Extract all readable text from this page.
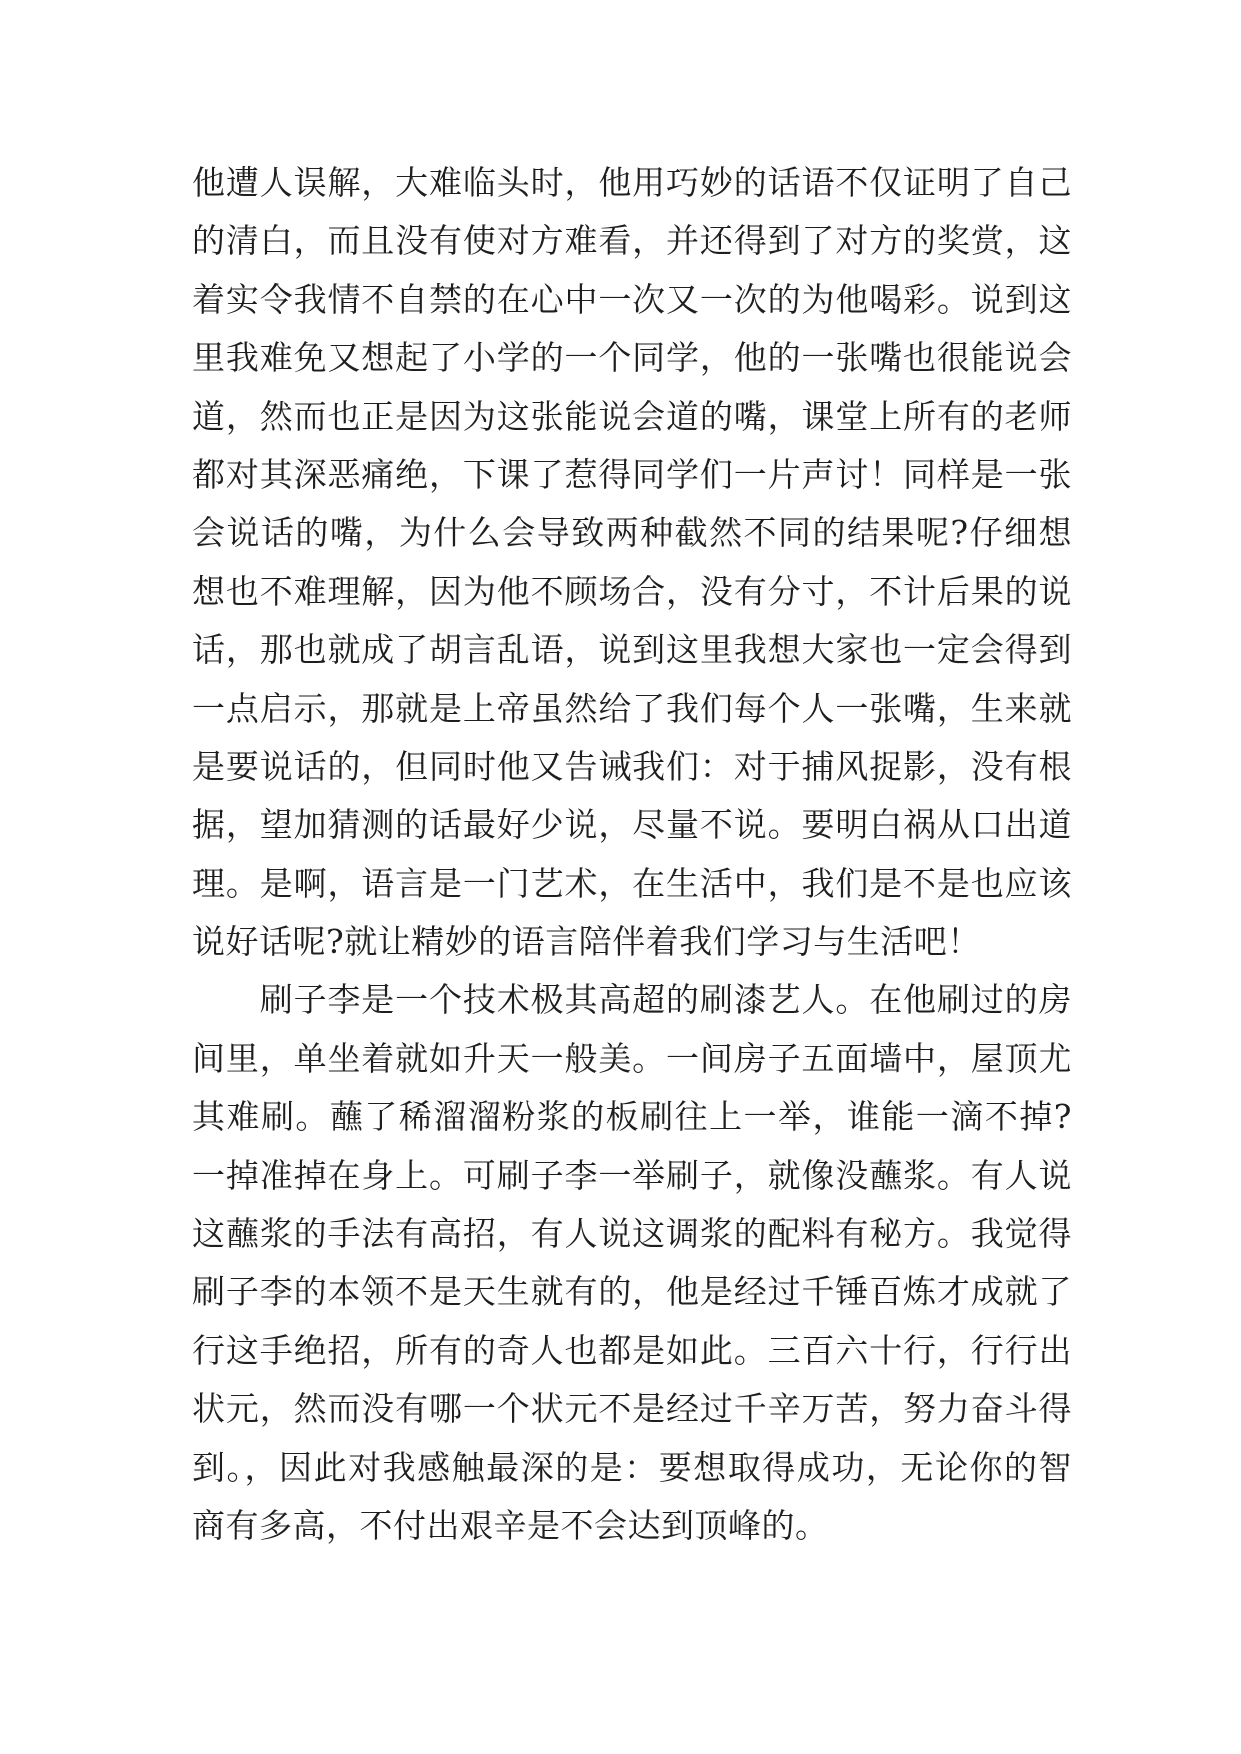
他遭人误解，大难临头时，他用巧妙的话语不仅证明了自己
的清白，而且没有使对方难看，并还得到了对方的奖赏，这
着实令我情不自禁的在心中一次又一次的为他喝彩。说到这
里我难免又想起了小学的一个同学，他的一张嘴也很能说会
道，然而也正是因为这张能说会道的嘴，课堂上所有的老师
都对其深恶痛绝，下课了惹得同学们一片声讨！同样是一张
会说话的嘴，为什么会导致两种截然不同的结果呢?仔细想
想也不难理解，因为他不顾场合，没有分寸，不计后果的说
话，那也就成了胡言乱语，说到这里我想大家也一定会得到
一点启示，那就是上帝虽然给了我们每个人一张嘴，生来就
是要说话的，但同时他又告诫我们：对于捕风捉影，没有根
据，望加猜测的话最好少说，尽量不说。要明白祸从口出道
理。是啊，语言是一门艺术，在生活中，我们是不是也应该
说好话呢?就让精妙的语言陪伴着我们学习与生活吧！
　　刷子李是一个技术极其高超的刷漆艺人。在他刷过的房
间里，单坐着就如升天一般美。一间房子五面墙中，屋顶尤
其难刷。蘸了稀溜溜粉浆的板刷往上一举，谁能一滴不掉?
一掉准掉在身上。可刷子李一举刷子，就像没蘸浆。有人说
这蘸浆的手法有高招，有人说这调浆的配料有秘方。我觉得
刷子李的本领不是天生就有的，他是经过千锤百炼才成就了
行这手绝招，所有的奇人也都是如此。三百六十行，行行出
状元，然而没有哪一个状元不是经过千辛万苦，努力奋斗得
到。，因此对我感触最深的是：要想取得成功，无论你的智
商有多高，不付出艰辛是不会达到顶峰的。
